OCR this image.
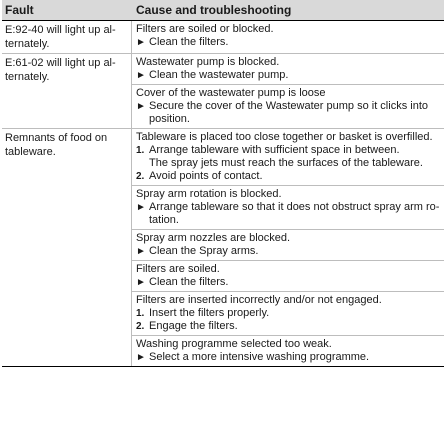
Fault	Cause and troubleshooting
E:92-40 will light up al-ternately.
Filters are soiled or blocked.
► Clean the filters.
E:61-02 will light up al-ternately.
Wastewater pump is blocked.
► Clean the wastewater pump.
Cover of the wastewater pump is loose
► Secure the cover of the Wastewater pump so it clicks into position.
Remnants of food on tableware.
Tableware is placed too close together or basket is overfilled.
1. Arrange tableware with sufficient space in between.
The spray jets must reach the surfaces of the tableware.
2. Avoid points of contact.
Spray arm rotation is blocked.
► Arrange tableware so that it does not obstruct spray arm ro-tation.
Spray arm nozzles are blocked.
► Clean the Spray arms.
Filters are soiled.
► Clean the filters.
Filters are inserted incorrectly and/or not engaged.
1. Insert the filters properly.
2. Engage the filters.
Washing programme selected too weak.
► Select a more intensive washing programme.
